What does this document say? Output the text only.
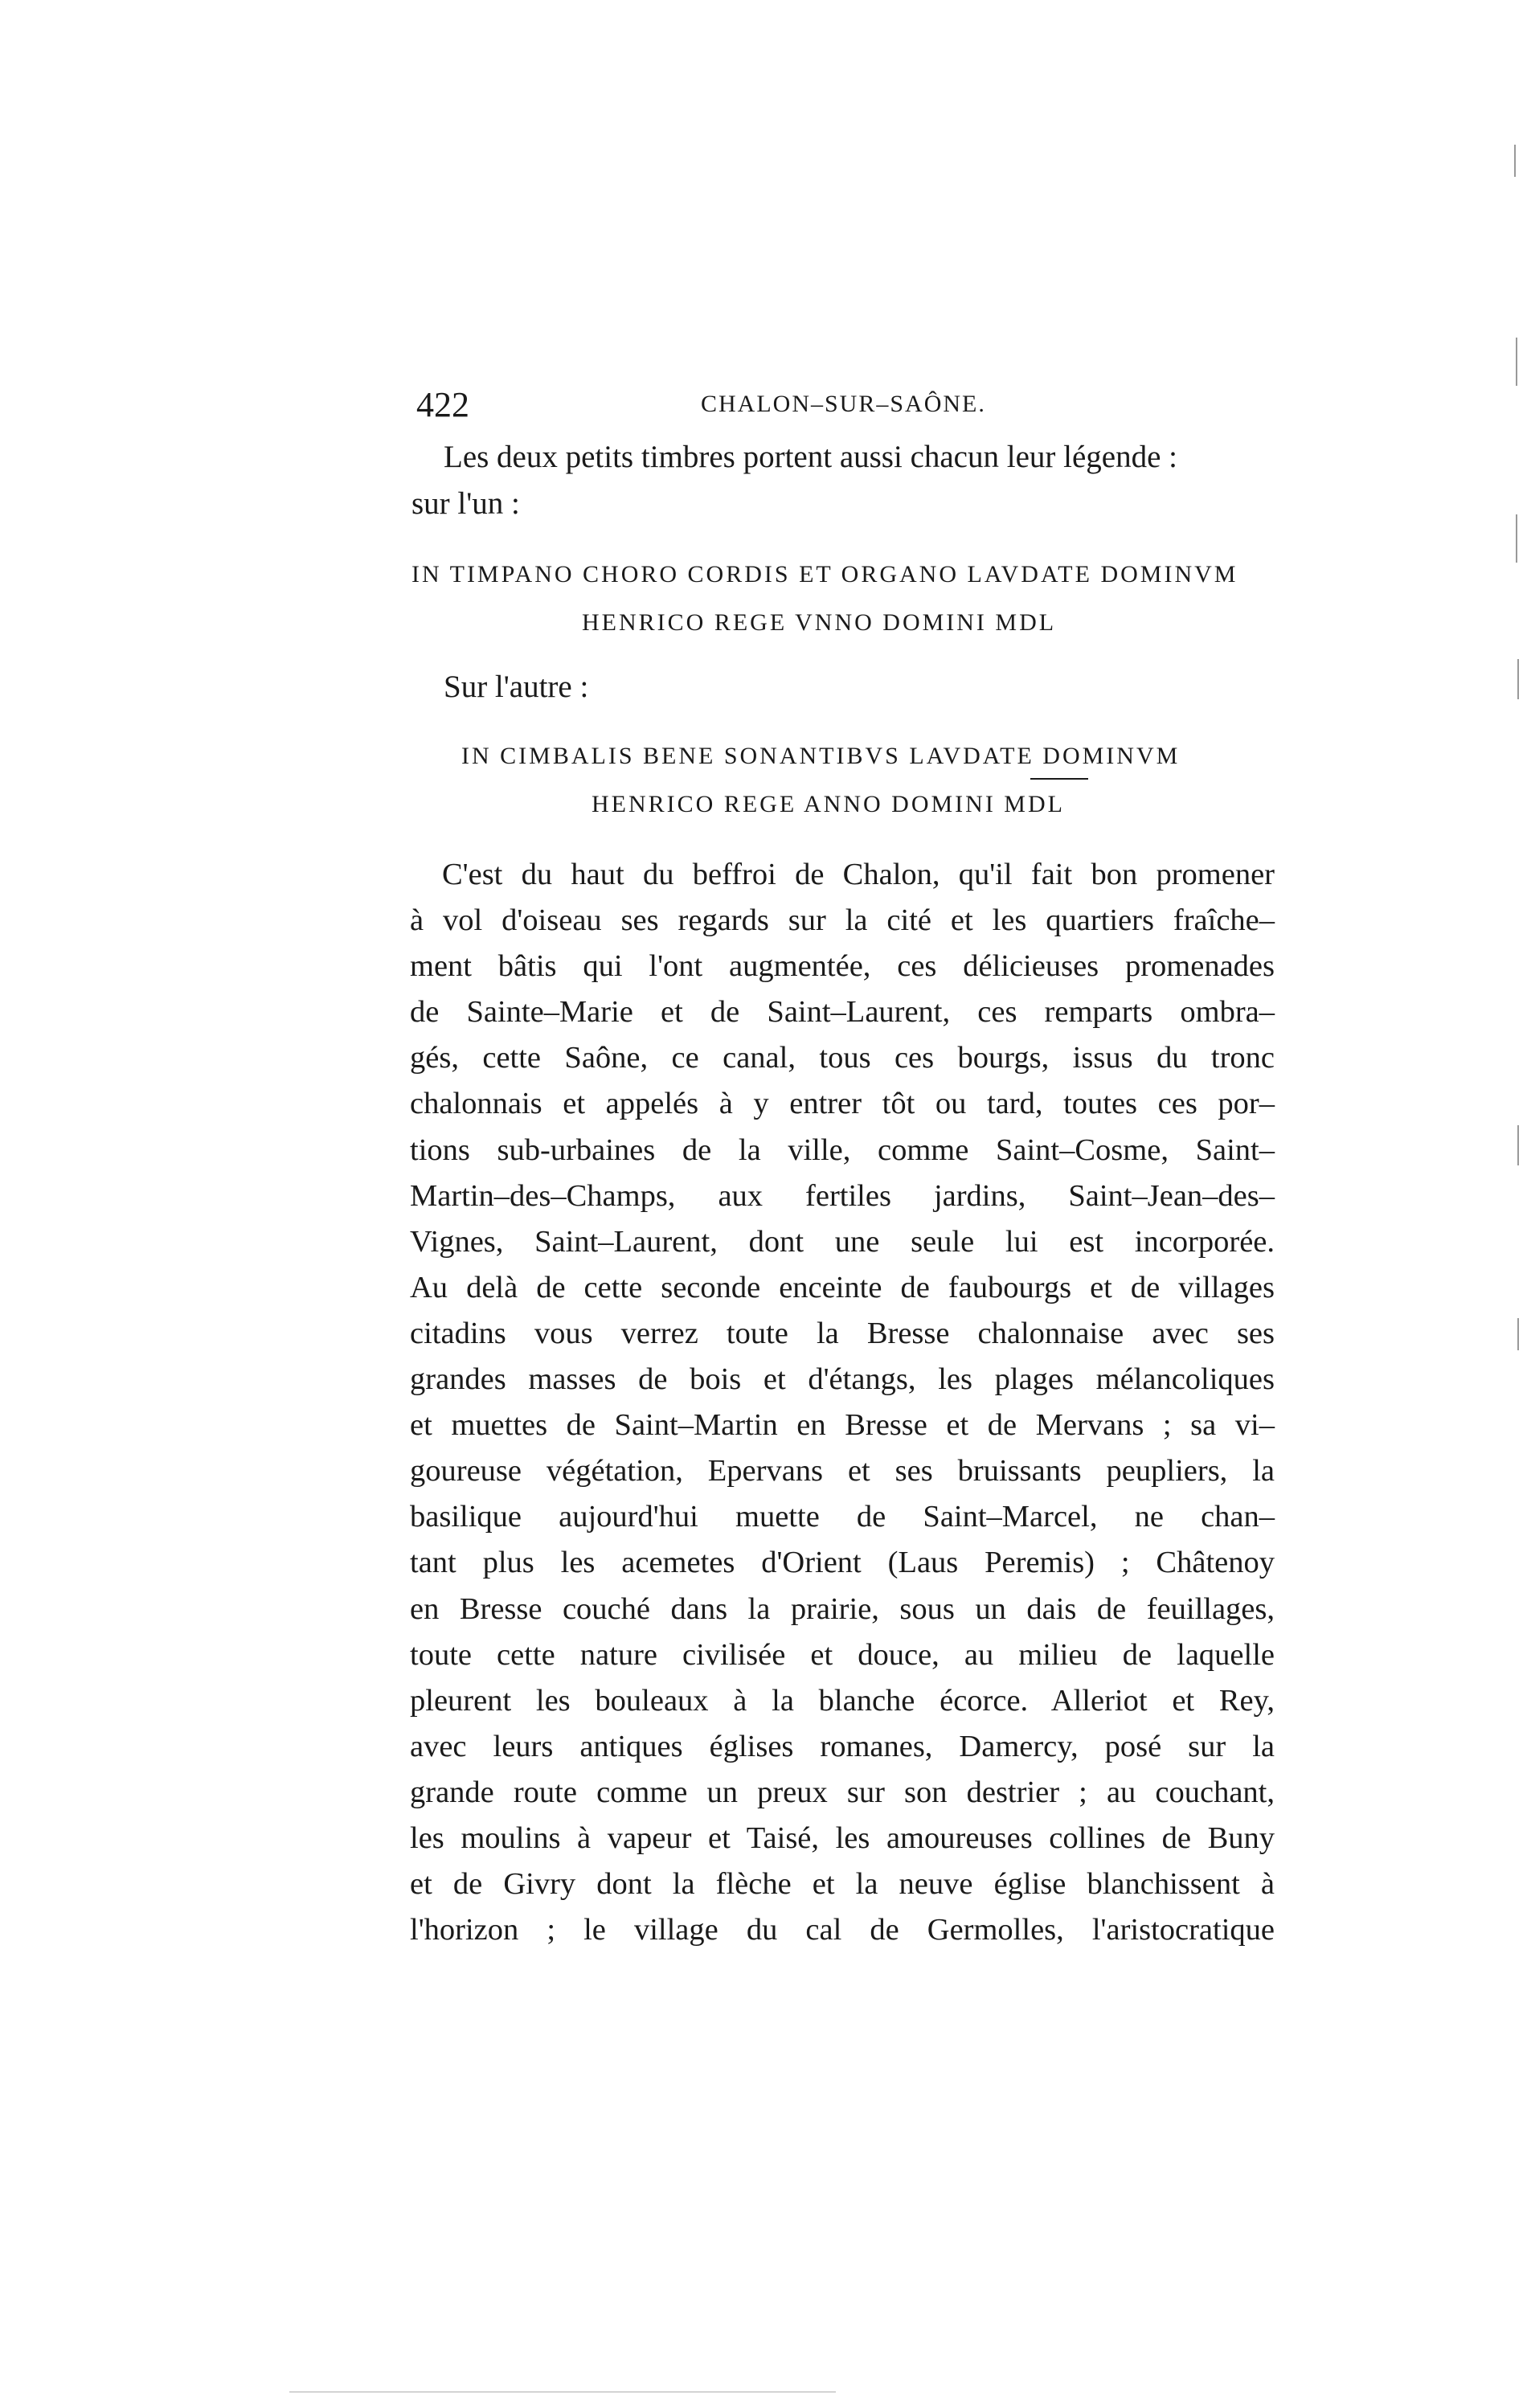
422	CHALON–SUR–SAÔNE.
Les deux petits timbres portent aussi chacun leur légende :
sur l'un :
IN TIMPANO CHORO CORDIS ET ORGANO LAVDATE DOMINVM
HENRICO REGE VNNO DOMINI MDL
Sur l'autre :
IN CIMBALIS BENE SONANTIBVS LAVDATE DOMINVM
HENRICO REGE ANNO DOMINI MDL
C'est du haut du beffroi de Chalon, qu'il fait bon promener
à vol d'oiseau ses regards sur la cité et les quartiers fraîche–
ment bâtis qui l'ont augmentée, ces délicieuses promenades
de Sainte–Marie et de Saint–Laurent, ces remparts ombra–
gés, cette Saône, ce canal, tous ces bourgs, issus du tronc
chalonnais et appelés à y entrer tôt ou tard, toutes ces por–
tions sub-urbaines de la ville, comme Saint–Cosme, Saint–
Martin–des–Champs, aux fertiles jardins, Saint–Jean–des–
Vignes, Saint–Laurent, dont une seule lui est incorporée.
Au delà de cette seconde enceinte de faubourgs et de villages
citadins vous verrez toute la Bresse chalonnaise avec ses
grandes masses de bois et d'étangs, les plages mélancoliques
et muettes de Saint–Martin en Bresse et de Mervans ; sa vi–
goureuse végétation, Epervans et ses bruissants peupliers, la
basilique aujourd'hui muette de Saint–Marcel, ne chan–
tant plus les acemetes d'Orient (Laus Peremis) ; Châtenoy
en Bresse couché dans la prairie, sous un dais de feuillages,
toute cette nature civilisée et douce, au milieu de laquelle
pleurent les bouleaux à la blanche écorce. Alleriot et Rey,
avec leurs antiques églises romanes, Damercy, posé sur la
grande route comme un preux sur son destrier ; au couchant,
les moulins à vapeur et Taisé, les amoureuses collines de Buny
et de Givry dont la flèche et la neuve église blanchissent à
l'horizon ; le village du cal de Germolles, l'aristocratique
